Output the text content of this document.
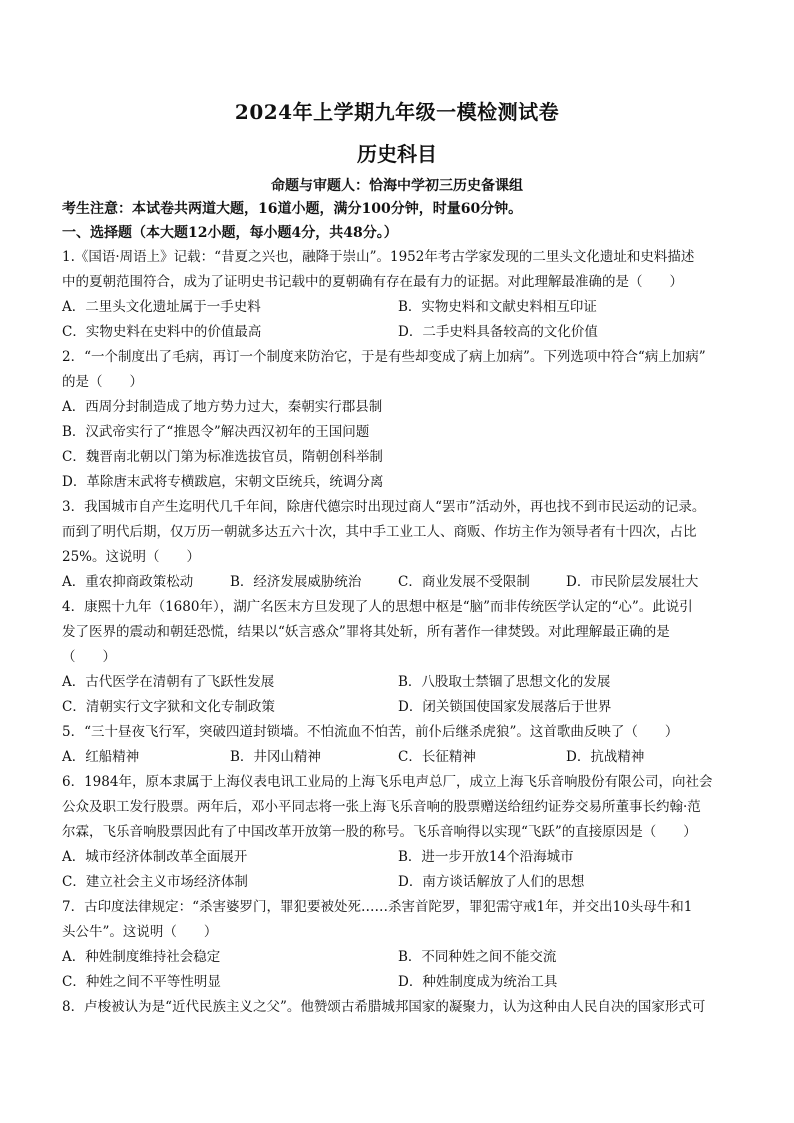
2024年上学期九年级一模检测试卷
历史科目
命题与审题人：恰海中学初三历史备课组
考生注意：本试卷共两道大题，16道小题，满分100分钟，时量60分钟。
一、选择题（本大题12小题，每小题4分，共48分。）
1.《国语·周语上》记载：“昔夏之兴也，融降于崇山”。1952年考古学家发现的二里头文化遗址和史料描述
中的夏朝范围符合，成为了证明史书记载中的夏朝确有存在最有力的证据。对此理解最准确的是（　　）
A．二里头文化遗址属于一手史料	B．实物史料和文献史料相互印证
C．实物史料在史料中的价值最高	D．二手史料具备较高的文化价值
2．“一个制度出了毛病，再订一个制度来防治它，于是有些却变成了病上加病”。下列选项中符合“病上加病”
的是（　　）
A．西周分封制造成了地方势力过大，秦朝实行郡县制
B．汉武帝实行了“推恩令”解决西汉初年的王国问题
C．魏晋南北朝以门第为标准选拔官员，隋朝创科举制
D．革除唐末武将专横跋扈，宋朝文臣统兵，统调分离
3．我国城市自产生迄明代几千年间，除唐代德宗时出现过商人“罢市”活动外，再也找不到市民运动的记录。
而到了明代后期，仅万历一朝就多达五六十次，其中手工业工人、商贩、作坊主作为领导者有十四次，占比
25%。这说明（　　）
A．重农抑商政策松动	B．经济发展威胁统治	C．商业发展不受限制	D．市民阶层发展壮大
4．康熙十九年（1680年），湖广名医末方旦发现了人的思想中枢是“脑”而非传统医学认定的“心”。此说引
发了医界的震动和朝廷恐慌，结果以“妖言惑众”罪将其处斩，所有著作一律焚毁。对此理解最正确的是
（　　）
A．古代医学在清朝有了飞跃性发展	B．八股取士禁锢了思想文化的发展
C．清朝实行文字狱和文化专制政策	D．闭关锁国使国家发展落后于世界
5．“三十昼夜飞行军，突破四道封锁墙。不怕流血不怕苦，前仆后继杀虎狼”。这首歌曲反映了（　　）
A．红船精神	B．井冈山精神	C．长征精神	D．抗战精神
6．1984年，原本隶属于上海仪表电讯工业局的上海飞乐电声总厂，成立上海飞乐音响股份有限公司，向社会
公众及职工发行股票。两年后，邓小平同志将一张上海飞乐音响的股票赠送给纽约证券交易所董事长约翰·范
尔霖，飞乐音响股票因此有了中国改革开放第一股的称号。飞乐音响得以实现“飞跃”的直接原因是（　　）
A．城市经济体制改革全面展开	B．进一步开放14个沿海城市
C．建立社会主义市场经济体制	D．南方谈话解放了人们的思想
7．古印度法律规定：“杀害婆罗门，罪犯要被处死……杀害首陀罗，罪犯需守戒1年，并交出10头母牛和1
头公牛”。这说明（　　）
A．种姓制度维持社会稳定	B．不同种姓之间不能交流
C．种姓之间不平等性明显	D．种姓制度成为统治工具
8．卢梭被认为是“近代民族主义之父”。他赞颂古希腊城邦国家的凝聚力，认为这种由人民自决的国家形式可
